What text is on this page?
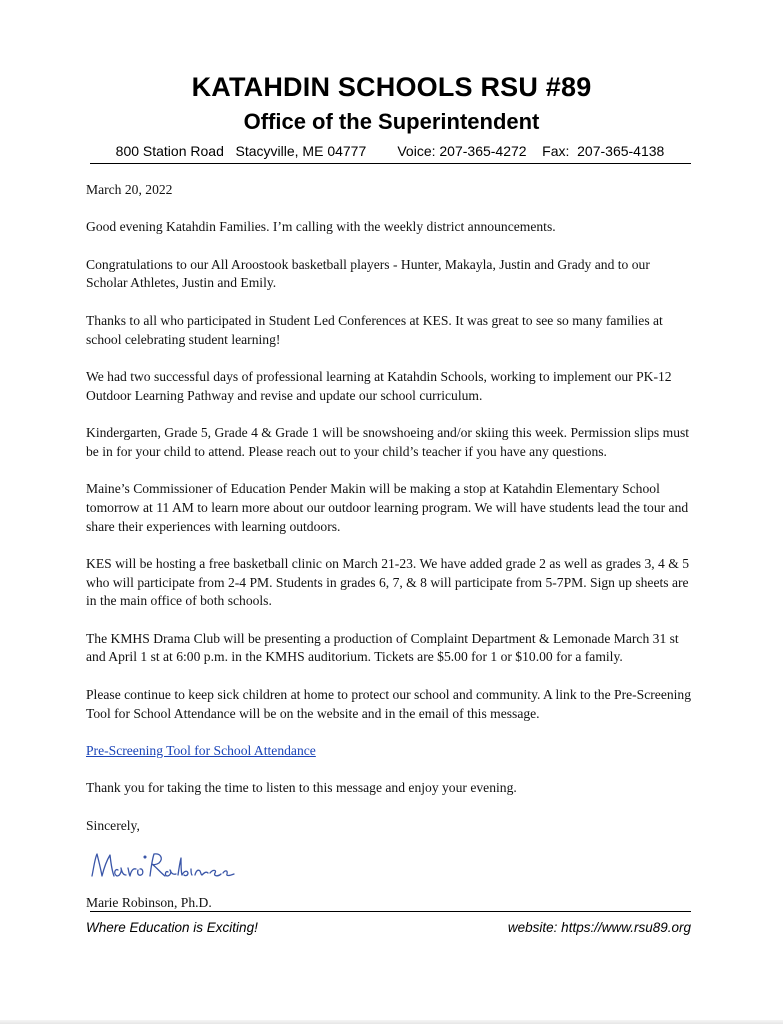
KATAHDIN SCHOOLS RSU #89
Office of the Superintendent
800 Station Road   Stacyville, ME 04777        Voice: 207-365-4272    Fax:  207-365-4138

March 20, 2022

Good evening Katahdin Families. I’m calling with the weekly district announcements.

Congratulations to our All Aroostook basketball players - Hunter, Makayla, Justin and Grady and to our Scholar Athletes, Justin and Emily.

Thanks to all who participated in Student Led Conferences at KES. It was great to see so many families at school celebrating student learning!

We had two successful days of professional learning at Katahdin Schools, working to implement our PK-12 Outdoor Learning Pathway and revise and update our school curriculum.

Kindergarten, Grade 5, Grade 4 & Grade 1 will be snowshoeing and/or skiing this week. Permission slips must be in for your child to attend. Please reach out to your child’s teacher if you have any questions.

Maine’s Commissioner of Education Pender Makin will be making a stop at Katahdin Elementary School tomorrow at 11 AM to learn more about our outdoor learning program. We will have students lead the tour and share their experiences with learning outdoors.

KES will be hosting a free basketball clinic on March 21-23. We have added grade 2 as well as grades 3, 4 & 5 who will participate from 2-4 PM. Students in grades 6, 7, & 8 will participate from 5-7PM. Sign up sheets are in the main office of both schools.

The KMHS Drama Club will be presenting a production of Complaint Department & Lemonade March 31 st and April 1 st at 6:00 p.m. in the KMHS auditorium. Tickets are $5.00 for 1 or $10.00 for a family.

Please continue to keep sick children at home to protect our school and community. A link to the Pre-Screening Tool for School Attendance will be on the website and in the email of this message.

Pre-Screening Tool for School Attendance

Thank you for taking the time to listen to this message and enjoy your evening.

Sincerely,

Marie Robinson, Ph.D.
Where Education is Exciting!	website: https://www.rsu89.org
